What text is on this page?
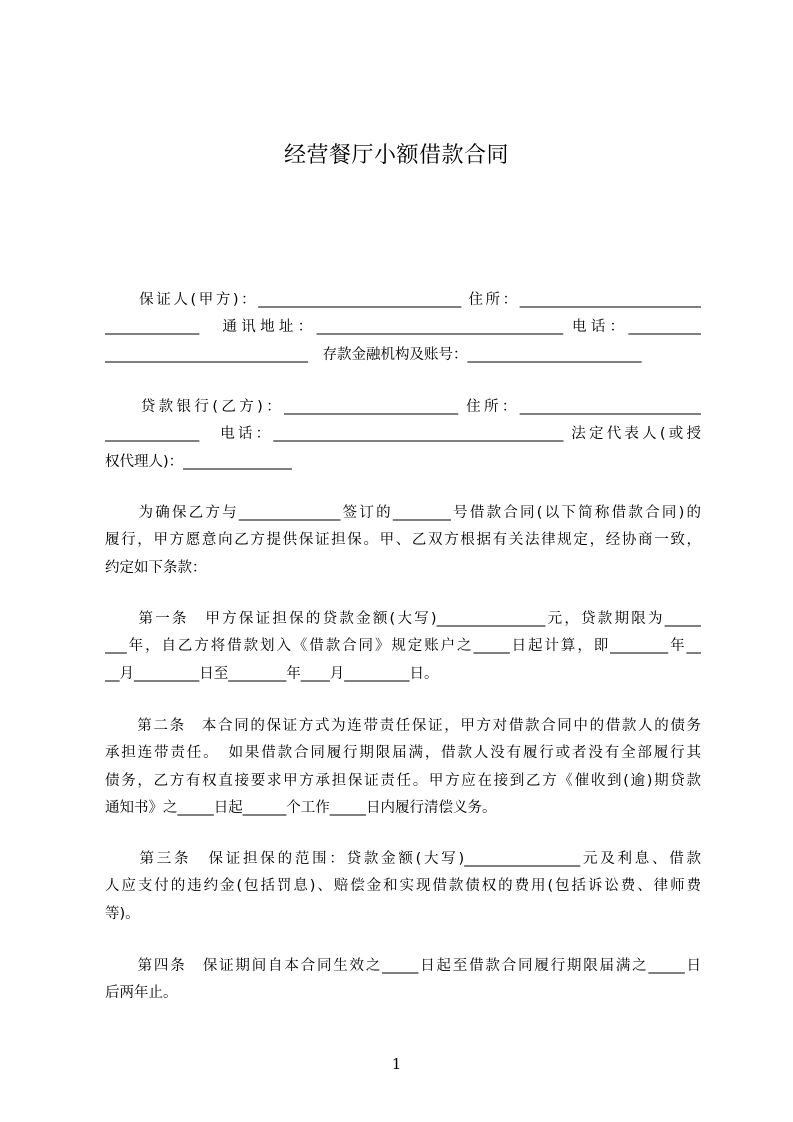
经营餐厅小额借款合同
　　保证人(甲方)：____________________________ 住所：_________________________
_____________　通讯地址：__________________________________ 电话：__________
____________________________　存款金融机构及账号：________________________
　　贷款银行(乙方)：________________________ 住所：_________________________
_____________　电话：________________________________________ 法定代表人(或授
权代理人)：_______________
　　为确保乙方与______________签订的________号借款合同(以下简称借款合同)的
履行，甲方愿意向乙方提供保证担保。甲、乙双方根据有关法律规定，经协商一致，
约定如下条款：
　　第一条　甲方保证担保的贷款金额(大写)_______________元，贷款期限为_____
___年，自乙方将借款划入《借款合同》规定账户之_____日起计算，即________年__
__月_________日至________年____月_________日。
　　第二条　本合同的保证方式为连带责任保证，甲方对借款合同中的借款人的债务
承担连带责任。　如果借款合同履行期限届满，借款人没有履行或者没有全部履行其
债务，乙方有权直接要求甲方承担保证责任。甲方应在接到乙方《催收到(逾)期贷款
通知书》之_____日起______个工作_____日内履行清偿义务。
　　第三条　保证担保的范围：贷款金额(大写)________________元及利息、借款
人应支付的违约金(包括罚息)、赔偿金和实现借款债权的费用(包括诉讼费、律师费
等)。
　　第四条　保证期间自本合同生效之_____日起至借款合同履行期限届满之_____日
后两年止。
1
